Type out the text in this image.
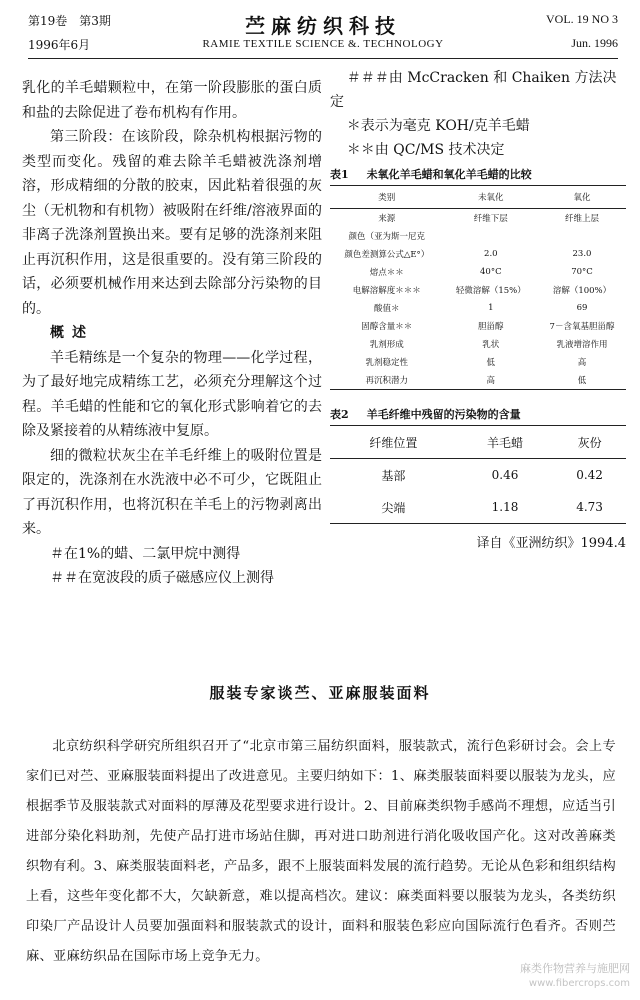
第19卷　第3期
1996年6月
苎麻纺织科技
RAMIE TEXTILE SCIENCE &. TECHNOLOGY
VOL. 19 NO 3
Jun. 1996

乳化的羊毛蜡颗粒中，在第一阶段膨胀的蛋白质和盐的去除促进了卷布机构有作用。

第三阶段：在该阶段，除杂机构根据污物的类型而变化。残留的难去除羊毛蜡被洗涤剂增溶，形成精细的分散的胶束，因此粘着很强的灰尘（无机物和有机物）被吸附在纤维/溶液界面的非离子洗涤剂置换出来。要有足够的洗涤剂来阻止再沉积作用，这是很重要的。没有第三阶段的话，必须要机械作用来达到去除部分污染物的目的。

概述

羊毛精练是一个复杂的物理——化学过程，为了最好地完成精练工艺，必须充分理解这个过程。羊毛蜡的性能和它的氧化形式影响着它的去除及紧接着的从精练液中复原。

细的微粒状灰尘在羊毛纤维上的吸附位置是限定的，洗涤剂在水洗液中必不可少，它既阻止了再沉积作用，也将沉积在羊毛上的污物剥离出来。

＃在1%的蜡、二氯甲烷中测得

＃＃在宽波段的质子磁感应仪上测得

＃＃＃由 McCracken 和 Chaiken 方法决定

＊表示为毫克 KOH/克羊毛蜡

＊＊由 QC/MS 技术决定

表1 未氧化羊毛蜡和氧化羊毛蜡的比较
类别	未氧化	氧化
来源	纤维下层	纤维上层
颜色（亚为斯一尼克		
颜色差测算公式△E°）	2.0	23.0
熔点＊＊	40°C	70°C
电解溶解度＊＊＊	轻微溶解（15%）	溶解（100%）
酸值＊	1	69
固醇含量＊＊	胆甾醇	7－含氧基胆甾醇
乳剂形成	乳状	乳液增溶作用
乳剂稳定性	低	高
再沉积潜力	高	低
表2 羊毛纤维中残留的污染物的含量
纤维位置	羊毛蜡	灰份
基部	0.46	0.42
尖端	1.18	4.73
译自《亚洲纺织》1994.4
服装专家谈苎、亚麻服装面料

北京纺织科学研究所组织召开了“北京市第三届纺织面料，服装款式，流行色彩研讨会。会上专家们已对苎、亚麻服装面料提出了改进意见。主要归纳如下：1、麻类服装面料要以服装为龙头，应根据季节及服装款式对面料的厚薄及花型要求进行设计。2、目前麻类织物手感尚不理想，应适当引进部分染化料助剂，先使产品打进市场站住脚，再对进口助剂进行消化吸收国产化。这对改善麻类织物有利。3、麻类服装面料老，产品多，跟不上服装面料发展的流行趋势。无论从色彩和组织结构上看，这些年变化都不大，欠缺新意，难以提高档次。建议：麻类面料要以服装为龙头，各类纺织印染厂产品设计人员要加强面料和服装款式的设计，面料和服装色彩应向国际流行色看齐。否则苎麻、亚麻纺织品在国际市场上竞争无力。

麻类作物营养与施肥网
www.fibercrops.com
